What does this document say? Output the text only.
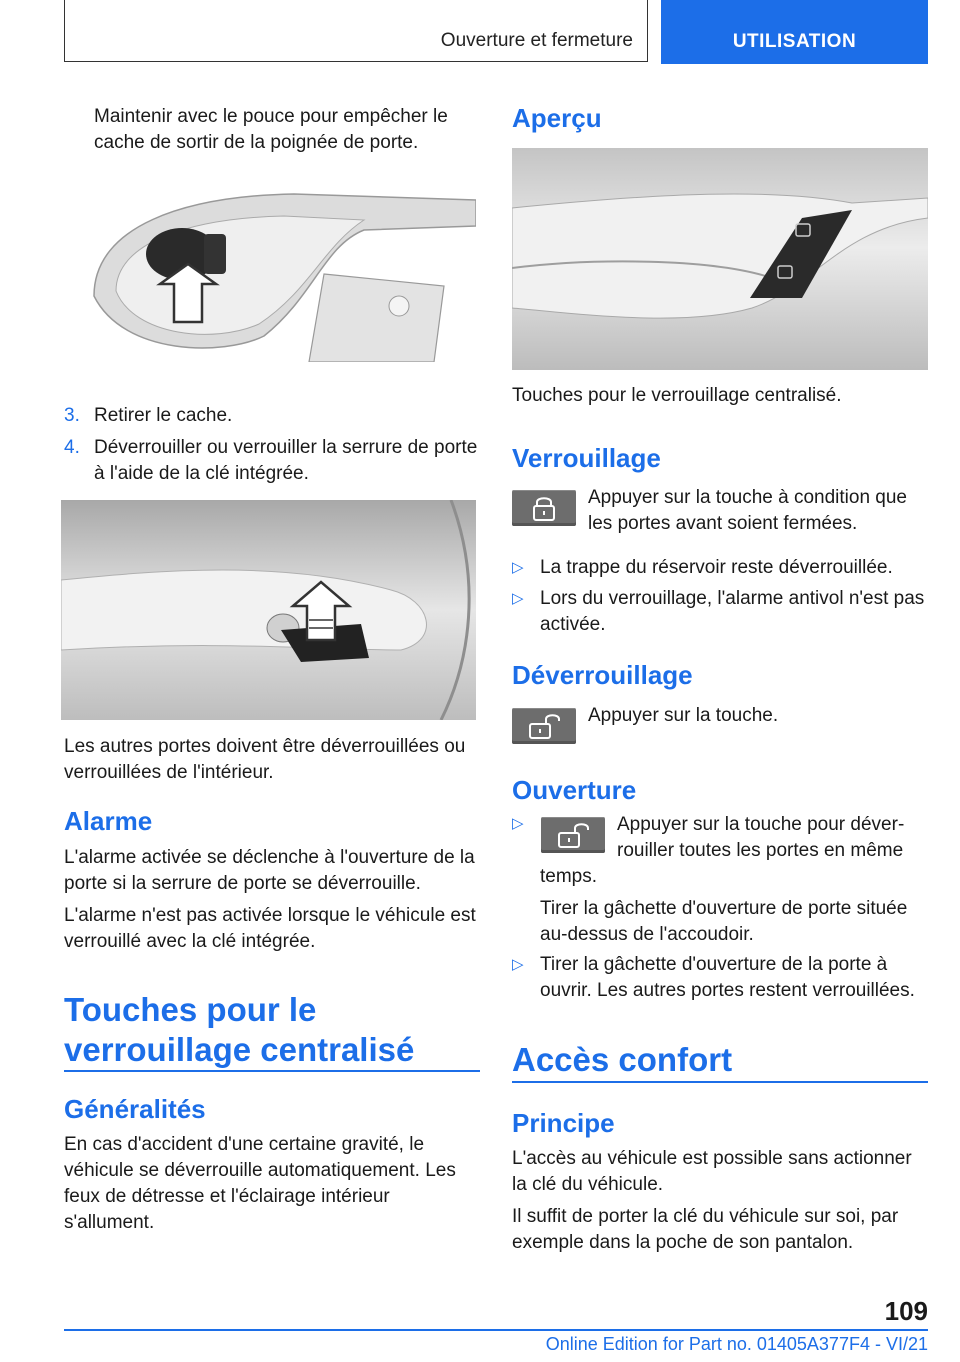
Ouverture et fermeture	UTILISATION

Maintenir avec le pouce pour empêcher le cache de sortir de la poignée de porte.

3. Retirer le cache.
4. Déverrouiller ou verrouiller la serrure de porte à l'aide de la clé intégrée.

Les autres portes doivent être déverrouillées ou verrouillées de l'intérieur.

Alarme

L'alarme activée se déclenche à l'ouverture de la porte si la serrure de porte se déverrouille.

L'alarme n'est pas activée lorsque le véhicule est verrouillé avec la clé intégrée.

Touches pour le
verrouillage centralisé
Généralités

En cas d'accident d'une certaine gravité, le véhicule se déverrouille automatiquement. Les feux de détresse et l'éclairage intérieur s'allument.

Aperçu

Touches pour le verrouillage centralisé.

Verrouillage

Appuyer sur la touche à condition que les portes avant soient fermées.

▷ La trappe du réservoir reste déverrouillée.
▷ Lors du verrouillage, l'alarme antivol n'est pas activée.
Déverrouillage

Appuyer sur la touche.

Ouverture
▷	Appuyer sur la touche pour déver-

rouiller toutes les portes en même

temps.

Tirer la gâchette d'ouverture de porte située au-dessus de l'accoudoir.

▷ Tirer la gâchette d'ouverture de la porte à ouvrir. Les autres portes restent verrouillées.
Accès confort
Principe

L'accès au véhicule est possible sans actionner la clé du véhicule.

Il suffit de porter la clé du véhicule sur soi, par exemple dans la poche de son pantalon.

109
Online Edition for Part no. 01405A377F4 - VI/21
